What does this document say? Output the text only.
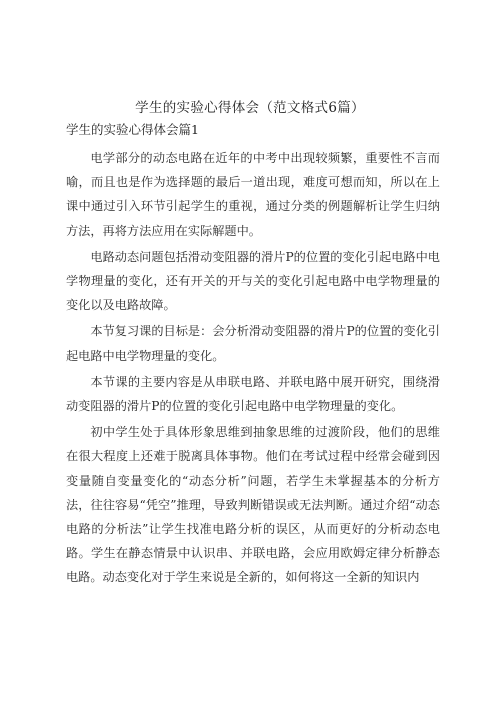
学生的实验心得体会（范文格式6篇）
学生的实验心得体会篇1

电学部分的动态电路在近年的中考中出现较频繁，重要性不言而喻，而且也是作为选择题的最后一道出现，难度可想而知，所以在上课中通过引入环节引起学生的重视，通过分类的例题解析让学生归纳方法，再将方法应用在实际解题中。

电路动态问题包括滑动变阻器的滑片P的位置的变化引起电路中电学物理量的变化，还有开关的开与关的变化引起电路中电学物理量的变化以及电路故障。

本节复习课的目标是：会分析滑动变阻器的滑片P的位置的变化引起电路中电学物理量的变化。

本节课的主要内容是从串联电路、并联电路中展开研究，围绕滑动变阻器的滑片P的位置的变化引起电路中电学物理量的变化。

初中学生处于具体形象思维到抽象思维的过渡阶段，他们的思维在很大程度上还难于脱离具体事物。他们在考试过程中经常会碰到因变量随自变量变化的“动态分析”问题，若学生未掌握基本的分析方法，往往容易“凭空”推理，导致判断错误或无法判断。通过介绍“动态电路的分析法”让学生找准电路分析的误区，从而更好的分析动态电路。学生在静态情景中认识串、并联电路，会应用欧姆定律分析静态电路。动态变化对于学生来说是全新的，如何将这一全新的知识内
